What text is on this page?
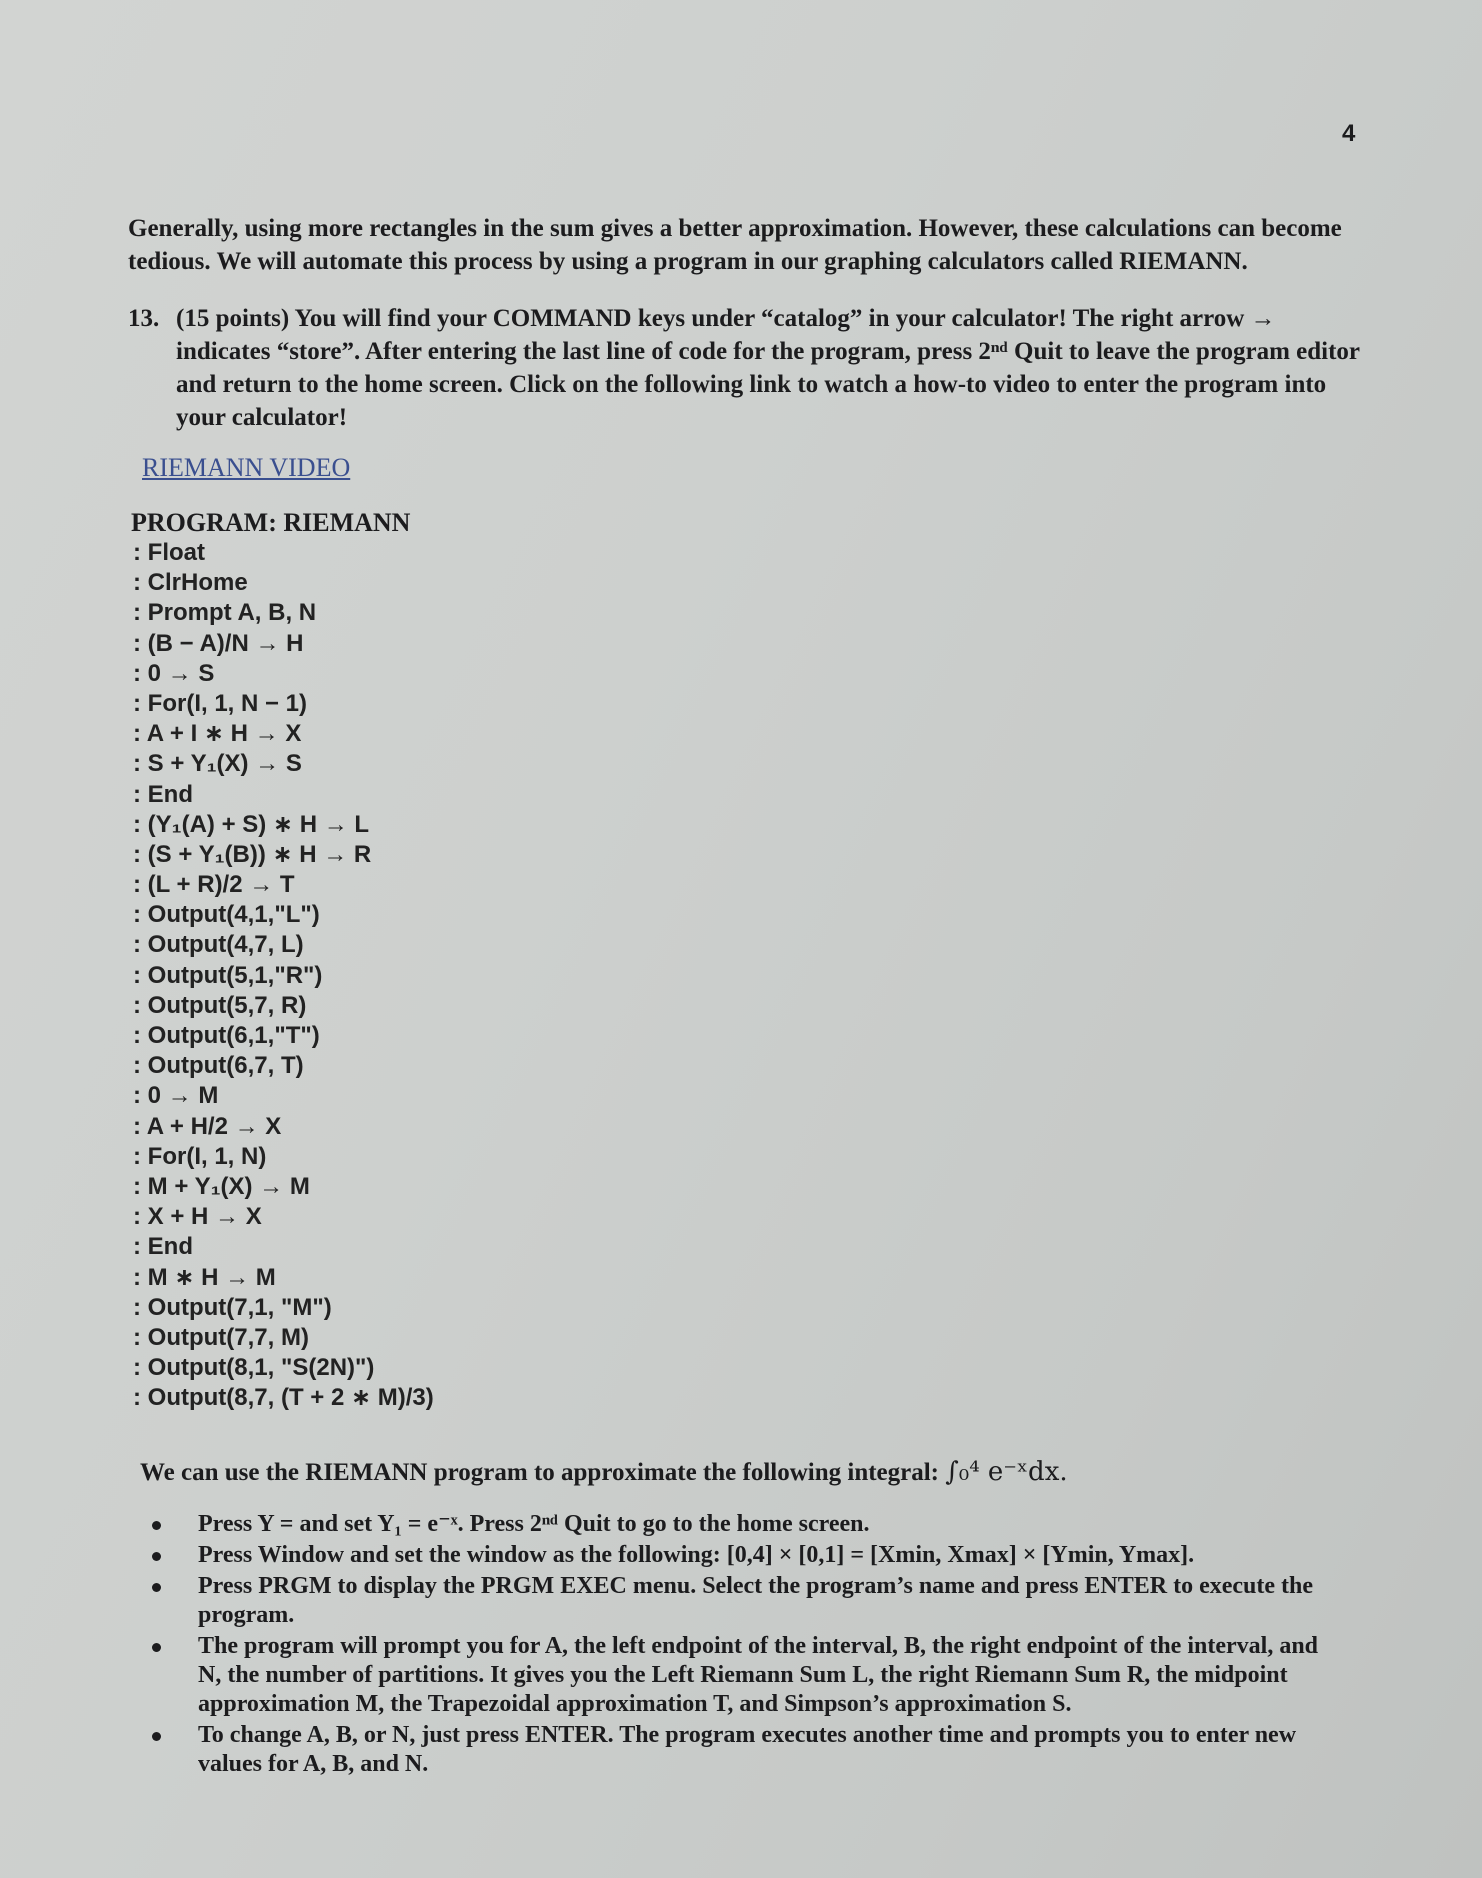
4
Generally, using more rectangles in the sum gives a better approximation. However, these calculations can become tedious. We will automate this process by using a program in our graphing calculators called RIEMANN.
13. (15 points) You will find your COMMAND keys under “catalog” in your calculator! The right arrow → indicates “store”. After entering the last line of code for the program, press 2ⁿᵈ Quit to leave the program editor and return to the home screen. Click on the following link to watch a how-to video to enter the program into your calculator!
RIEMANN VIDEO
PROGRAM: RIEMANN
: Float
: ClrHome
: Prompt A, B, N
: (B − A)/N → H
: 0 → S
: For(I, 1, N − 1)
: A + I ∗ H → X
: S + Y₁(X) → S
: End
: (Y₁(A) + S) ∗ H → L
: (S + Y₁(B)) ∗ H → R
: (L + R)/2 → T
: Output(4,1,"L")
: Output(4,7, L)
: Output(5,1,"R")
: Output(5,7, R)
: Output(6,1,"T")
: Output(6,7, T)
: 0 → M
: A + H/2 → X
: For(I, 1, N)
: M + Y₁(X) → M
: X + H → X
: End
: M ∗ H → M
: Output(7,1, "M")
: Output(7,7, M)
: Output(8,1, "S(2N)")
: Output(8,7, (T + 2 ∗ M)/3)
We can use the RIEMANN program to approximate the following integral: ∫₀⁴ e⁻ˣdx.
Press Y = and set Y₁ = e⁻ˣ. Press 2ⁿᵈ Quit to go to the home screen.
Press Window and set the window as the following: [0,4] × [0,1] = [Xmin, Xmax] × [Ymin, Ymax].
Press PRGM to display the PRGM EXEC menu. Select the program’s name and press ENTER to execute the program.
The program will prompt you for A, the left endpoint of the interval, B, the right endpoint of the interval, and N, the number of partitions. It gives you the Left Riemann Sum L, the right Riemann Sum R, the midpoint approximation M, the Trapezoidal approximation T, and Simpson’s approximation S.
To change A, B, or N, just press ENTER. The program executes another time and prompts you to enter new values for A, B, and N.
